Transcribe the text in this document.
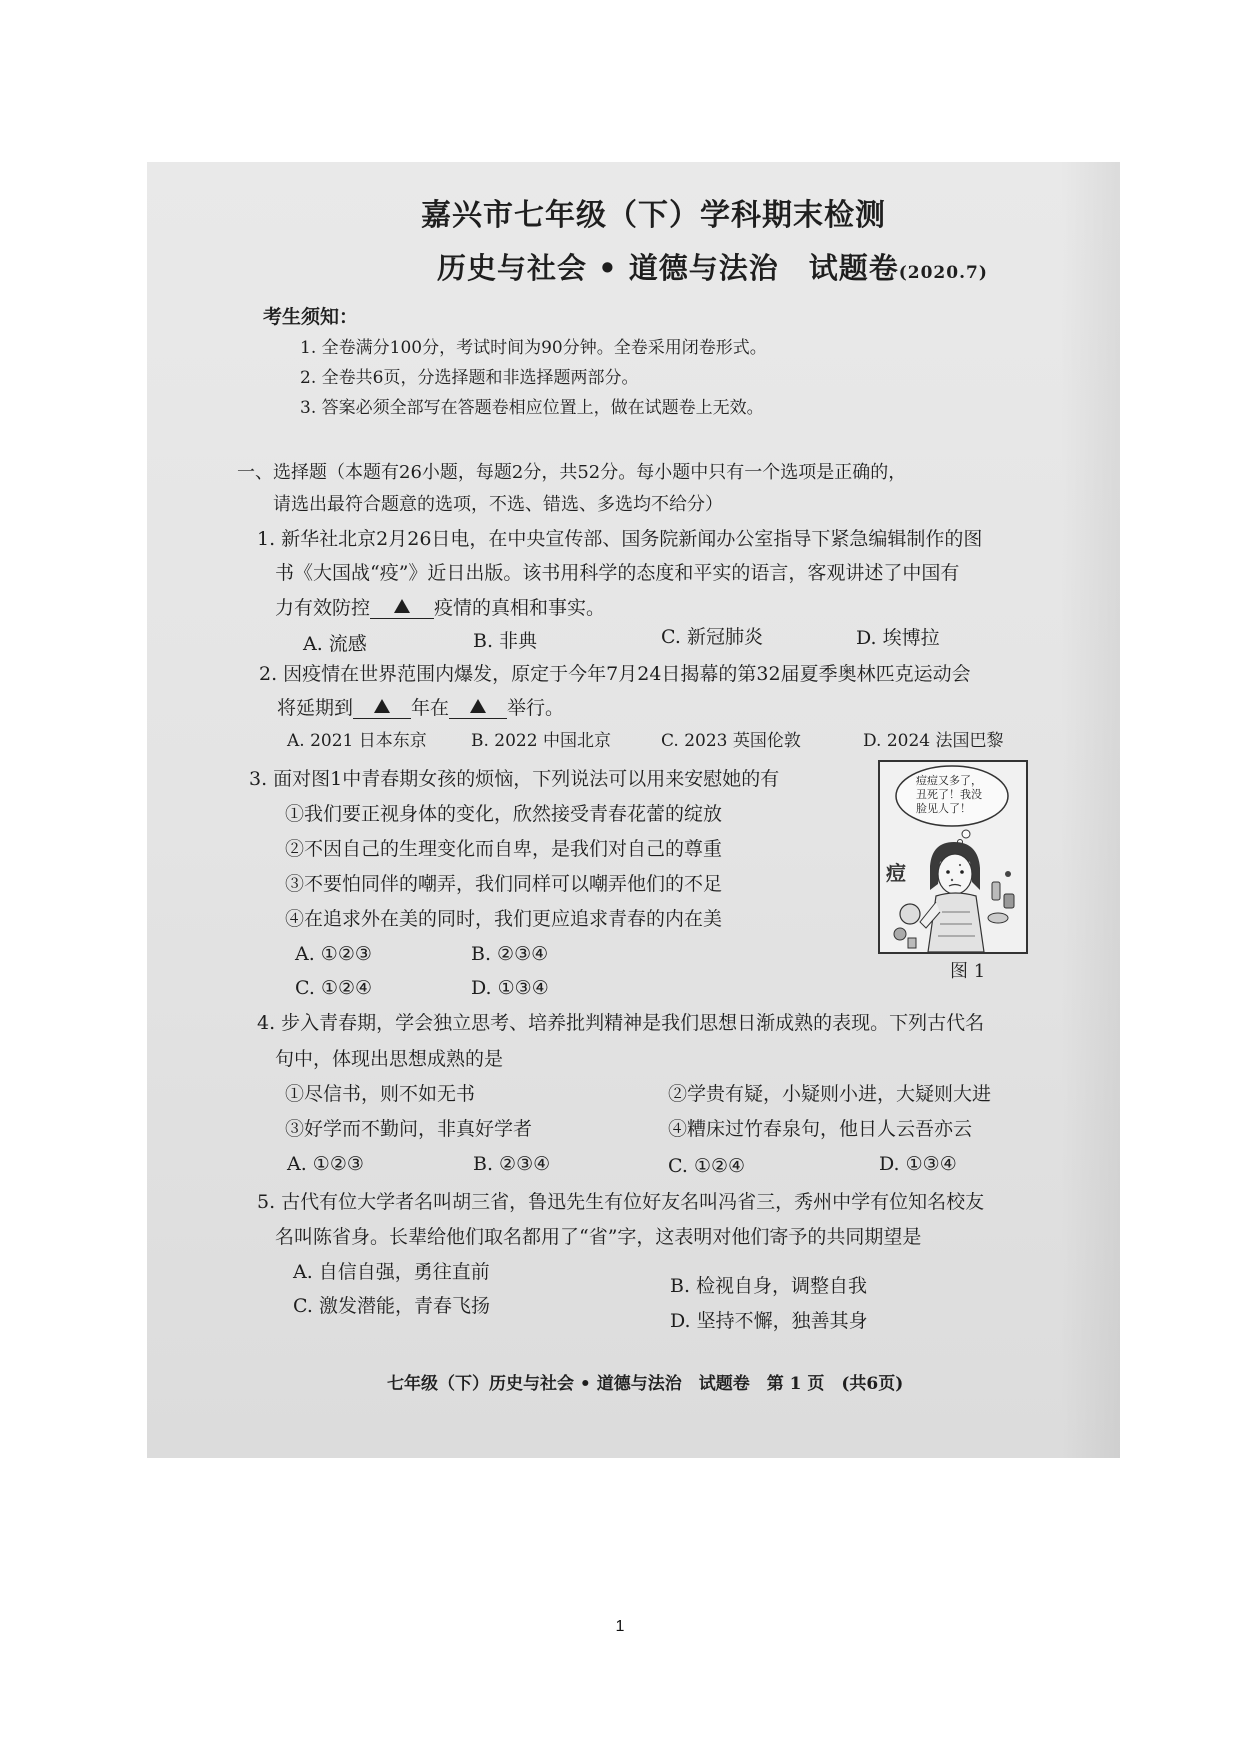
嘉兴市七年级（下）学科期末检测
历史与社会 • 道德与法治　试题卷(2020.7)
考生须知：
1. 全卷满分100分，考试时间为90分钟。全卷采用闭卷形式。
2. 全卷共6页，分选择题和非选择题两部分。
3. 答案必须全部写在答题卷相应位置上，做在试题卷上无效。
一、选择题（本题有26小题，每题2分，共52分。每小题中只有一个选项是正确的，
请选出最符合题意的选项，不选、错选、多选均不给分）
1. 新华社北京2月26日电，在中央宣传部、国务院新闻办公室指导下紧急编辑制作的图
书《大国战“疫”》近日出版。该书用科学的态度和平实的语言，客观讲述了中国有
力有效防控	疫情的真相和事实。
A. 流感	B. 非典	C. 新冠肺炎	D. 埃博拉
2. 因疫情在世界范围内爆发，原定于今年7月24日揭幕的第32届夏季奥林匹克运动会
将延期到	年在	举行。
A. 2021 日本东京	B. 2022 中国北京	C. 2023 英国伦敦	D. 2024 法国巴黎
3. 面对图1中青春期女孩的烦恼，下列说法可以用来安慰她的有
①我们要正视身体的变化，欣然接受青春花蕾的绽放
②不因自己的生理变化而自卑，是我们对自己的尊重
③不要怕同伴的嘲弄，我们同样可以嘲弄他们的不足
④在追求外在美的同时，我们更应追求青春的内在美
A. ①②③	B. ②③④
C. ①②④	D. ①③④
痘痘又多了，
丑死了！我没
脸见人了！
痘
图 1
4. 步入青春期，学会独立思考、培养批判精神是我们思想日渐成熟的表现。下列古代名
句中，体现出思想成熟的是
①尽信书，则不如无书	②学贵有疑，小疑则小进，大疑则大进
③好学而不勤问，非真好学者	④糟床过竹春泉句，他日人云吾亦云
A. ①②③	B. ②③④	C. ①②④	D. ①③④
5. 古代有位大学者名叫胡三省，鲁迅先生有位好友名叫冯省三，秀州中学有位知名校友
名叫陈省身。长辈给他们取名都用了“省”字，这表明对他们寄予的共同期望是
A. 自信自强，勇往直前
B. 检视自身，调整自我
C. 激发潜能，青春飞扬
D. 坚持不懈，独善其身
七年级（下）历史与社会 • 道德与法治　试题卷　第 1 页　(共6页)
1
